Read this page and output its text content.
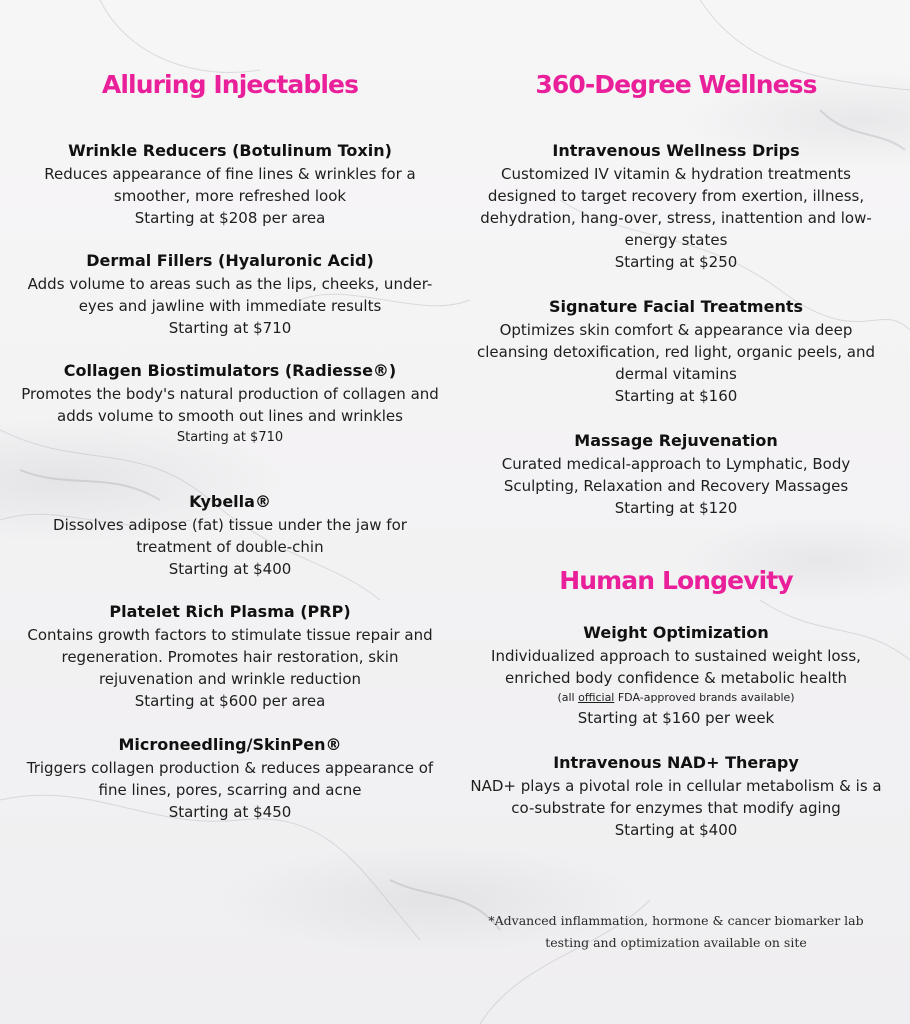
Alluring Injectables
Wrinkle Reducers (Botulinum Toxin)

Reduces appearance of fine lines & wrinkles for a smoother, more refreshed look

Starting at $208 per area

Dermal Fillers (Hyaluronic Acid)

Adds volume to areas such as the lips, cheeks, under-eyes and jawline with immediate results

Starting at $710

Collagen Biostimulators (Radiesse®)

Promotes the body's natural production of collagen and adds volume to smooth out lines and wrinkles

Starting at $710

Kybella®

Dissolves adipose (fat) tissue under the jaw for treatment of double-chin

Starting at $400

Platelet Rich Plasma (PRP)

Contains growth factors to stimulate tissue repair and regeneration. Promotes hair restoration, skin rejuvenation and wrinkle reduction

Starting at $600 per area

Microneedling/SkinPen®

Triggers collagen production & reduces appearance of fine lines, pores, scarring and acne

Starting at $450

360-Degree Wellness
Intravenous Wellness Drips

Customized IV vitamin & hydration treatments designed to target recovery from exertion, illness, dehydration, hang-over, stress, inattention and low-energy states

Starting at $250

Signature Facial Treatments

Optimizes skin comfort & appearance via deep cleansing detoxification, red light, organic peels, and dermal vitamins

Starting at $160

Massage Rejuvenation

Curated medical-approach to Lymphatic, Body Sculpting, Relaxation and Recovery Massages

Starting at $120

Human Longevity
Weight Optimization

Individualized approach to sustained weight loss, enriched body confidence & metabolic health

(all official FDA-approved brands available)

Starting at $160 per week

Intravenous NAD+ Therapy

NAD+ plays a pivotal role in cellular metabolism & is a co-substrate for enzymes that modify aging

Starting at $400

*Advanced inflammation, hormone & cancer biomarker lab testing and optimization available on site
